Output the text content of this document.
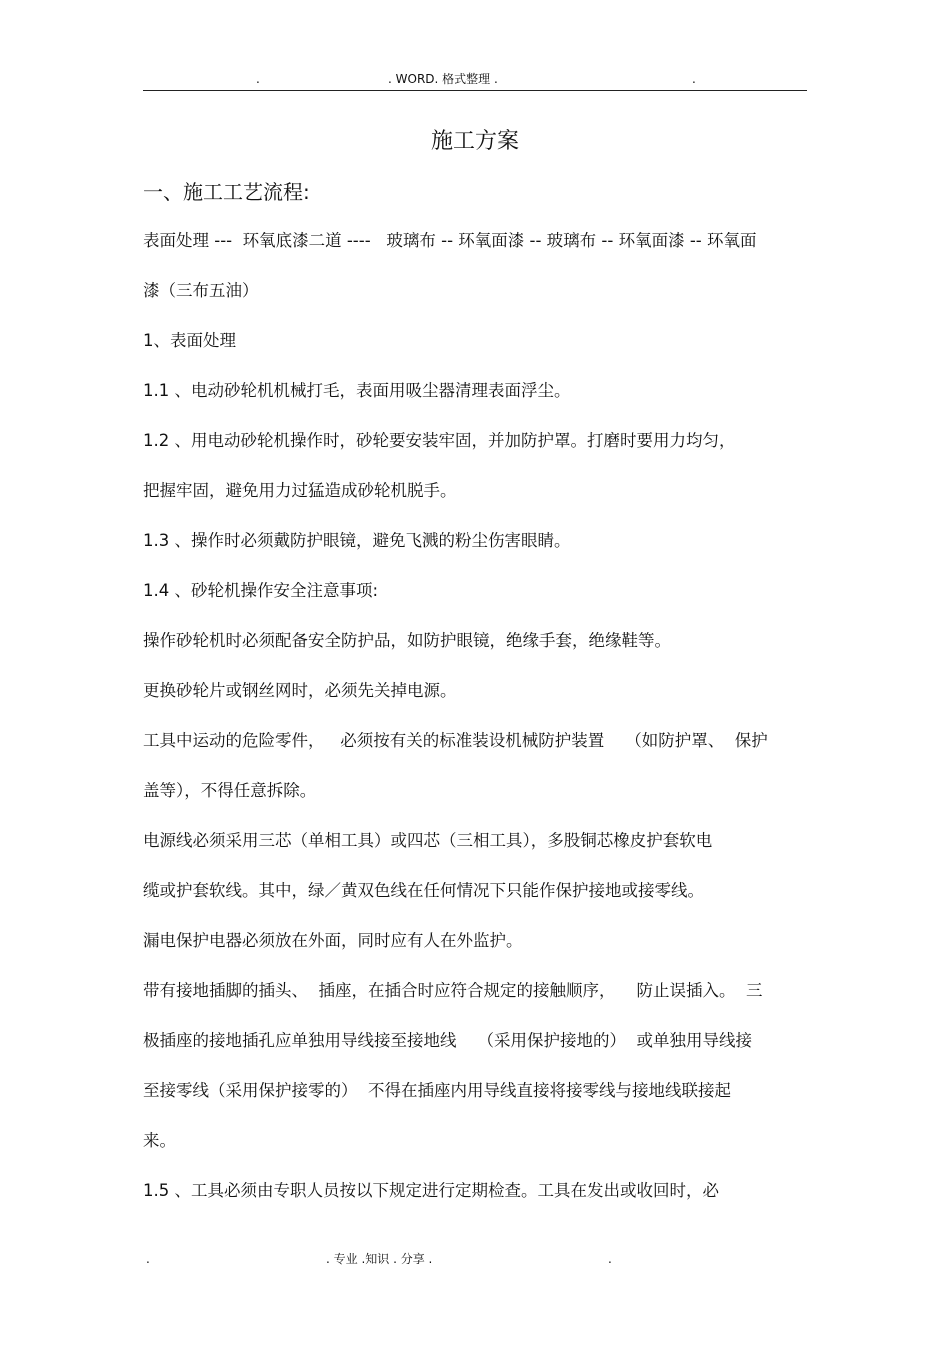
.	. WORD. 格式整理 .	.
施工方案
一、施工工艺流程:
表面处理 ---  环氧底漆二道 ----   玻璃布 -- 环氧面漆 -- 玻璃布 -- 环氧面漆 -- 环氧面
漆（三布五油）
1、表面处理
1.1 、电动砂轮机机械打毛，表面用吸尘器清理表面浮尘。
1.2 、用电动砂轮机操作时，砂轮要安装牢固，并加防护罩。打磨时要用力均匀，
把握牢固，避免用力过猛造成砂轮机脱手。
1.3 、操作时必须戴防护眼镜，避免飞溅的粉尘伤害眼睛。
1.4 、砂轮机操作安全注意事项:
操作砂轮机时必须配备安全防护品，如防护眼镜，绝缘手套，绝缘鞋等。
更换砂轮片或钢丝网时，必须先关掉电源。
工具中运动的危险零件，   必须按有关的标准装设机械防护装置    （如防护罩、  保护
盖等），不得任意拆除。
电源线必须采用三芯（单相工具）或四芯（三相工具），多股铜芯橡皮护套软电
缆或护套软线。其中，绿／黄双色线在任何情况下只能作保护接地或接零线。
漏电保护电器必须放在外面，同时应有人在外监护。
带有接地插脚的插头、  插座，在插合时应符合规定的接触顺序，    防止误插入。  三
极插座的接地插孔应单独用导线接至接地线    （采用保护接地的）  或单独用导线接
至接零线（采用保护接零的）  不得在插座内用导线直接将接零线与接地线联接起
来。
1.5 、工具必须由专职人员按以下规定进行定期检查。工具在发出或收回时，必
.	. 专业 .知识 . 分享 .	.
